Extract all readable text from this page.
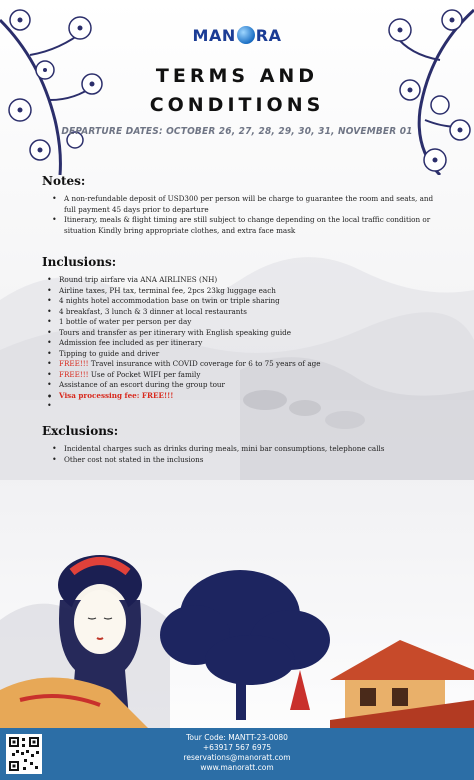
MAN RA
TERMS AND
CONDITIONS
DEPARTURE DATES: OCTOBER 26, 27, 28, 29, 30, 31, NOVEMBER 01
Notes:
• A non-refundable deposit of USD300 per person will be charge to guarantee the room and seats, and full payment 45 days prior to departure
• Itinerary, meals & flight timing are still subject to change depending on the local traffic condition or situation Kindly bring appropriate clothes, and extra face mask
Inclusions:
• Round trip airfare via ANA AIRLINES (NH)
• Airline taxes, PH tax, terminal fee, 2pcs 23kg luggage each
• 4 nights hotel accommodation base on twin or triple sharing
• 4 breakfast, 3 lunch & 3 dinner at local restaurants
• 1 bottle of water per person per day
• Tours and transfer as per itinerary with English speaking guide
• Admission fee included as per itinerary
• Tipping to guide and driver
• FREE!!! Travel insurance with COVID coverage for 6 to 75 years of age
• FREE!!! Use of Pocket WIFI per family
• Assistance of an escort during the group tour
• Visa processing fee: FREE!!!
•
Exclusions:
• Incidental charges such as drinks during meals, mini bar consumptions, telephone calls
• Other cost not stated in the inclusions
Tour Code: MANTT-23-0080
+63917 567 6975
reservations@manoratt.com
www.manoratt.com
